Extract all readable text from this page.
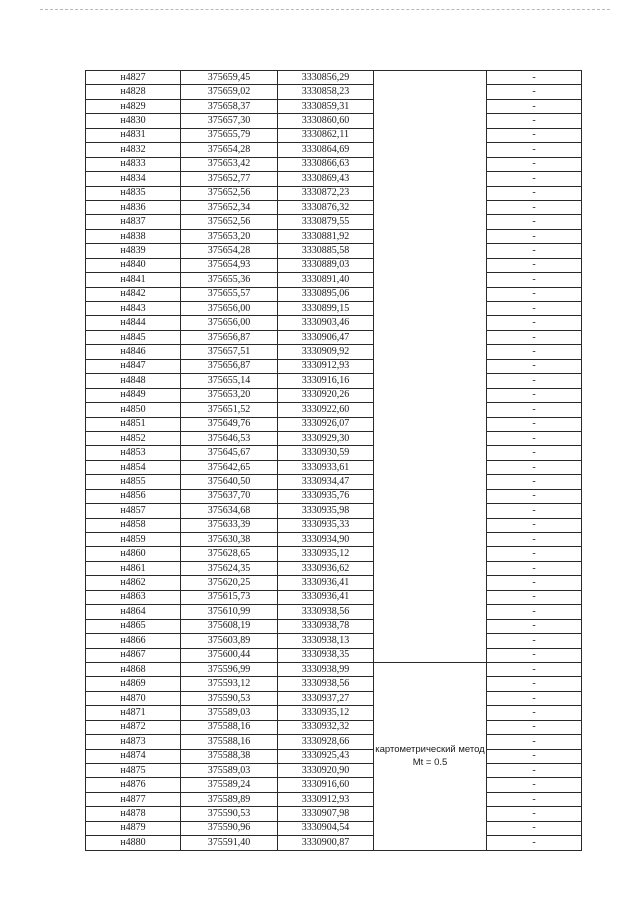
н4827	375659,45	3330856,29		-
н4828	375659,02	3330858,23		-
н4829	375658,37	3330859,31		-
н4830	375657,30	3330860,60		-
н4831	375655,79	3330862,11		-
н4832	375654,28	3330864,69		-
н4833	375653,42	3330866,63		-
н4834	375652,77	3330869,43		-
н4835	375652,56	3330872,23		-
н4836	375652,34	3330876,32		-
н4837	375652,56	3330879,55		-
н4838	375653,20	3330881,92		-
н4839	375654,28	3330885,58		-
н4840	375654,93	3330889,03		-
н4841	375655,36	3330891,40		-
н4842	375655,57	3330895,06		-
н4843	375656,00	3330899,15		-
н4844	375656,00	3330903,46		-
н4845	375656,87	3330906,47		-
н4846	375657,51	3330909,92		-
н4847	375656,87	3330912,93		-
н4848	375655,14	3330916,16		-
н4849	375653,20	3330920,26		-
н4850	375651,52	3330922,60		-
н4851	375649,76	3330926,07		-
н4852	375646,53	3330929,30		-
н4853	375645,67	3330930,59		-
н4854	375642,65	3330933,61		-
н4855	375640,50	3330934,47		-
н4856	375637,70	3330935,76		-
н4857	375634,68	3330935,98		-
н4858	375633,39	3330935,33		-
н4859	375630,38	3330934,90		-
н4860	375628,65	3330935,12		-
н4861	375624,35	3330936,62		-
н4862	375620,25	3330936,41		-
н4863	375615,73	3330936,41		-
н4864	375610,99	3330938,56		-
н4865	375608,19	3330938,78		-
н4866	375603,89	3330938,13		-
н4867	375600,44	3330938,35		-
н4868	375596,99	3330938,99	картометрический метод Mt = 0.5	-
н4869	375593,12	3330938,56		-
н4870	375590,53	3330937,27		-
н4871	375589,03	3330935,12		-
н4872	375588,16	3330932,32		-
н4873	375588,16	3330928,66		-
н4874	375588,38	3330925,43		-
н4875	375589,03	3330920,90		-
н4876	375589,24	3330916,60		-
н4877	375589,89	3330912,93		-
н4878	375590,53	3330907,98		-
н4879	375590,96	3330904,54		-
н4880	375591,40	3330900,87		-
